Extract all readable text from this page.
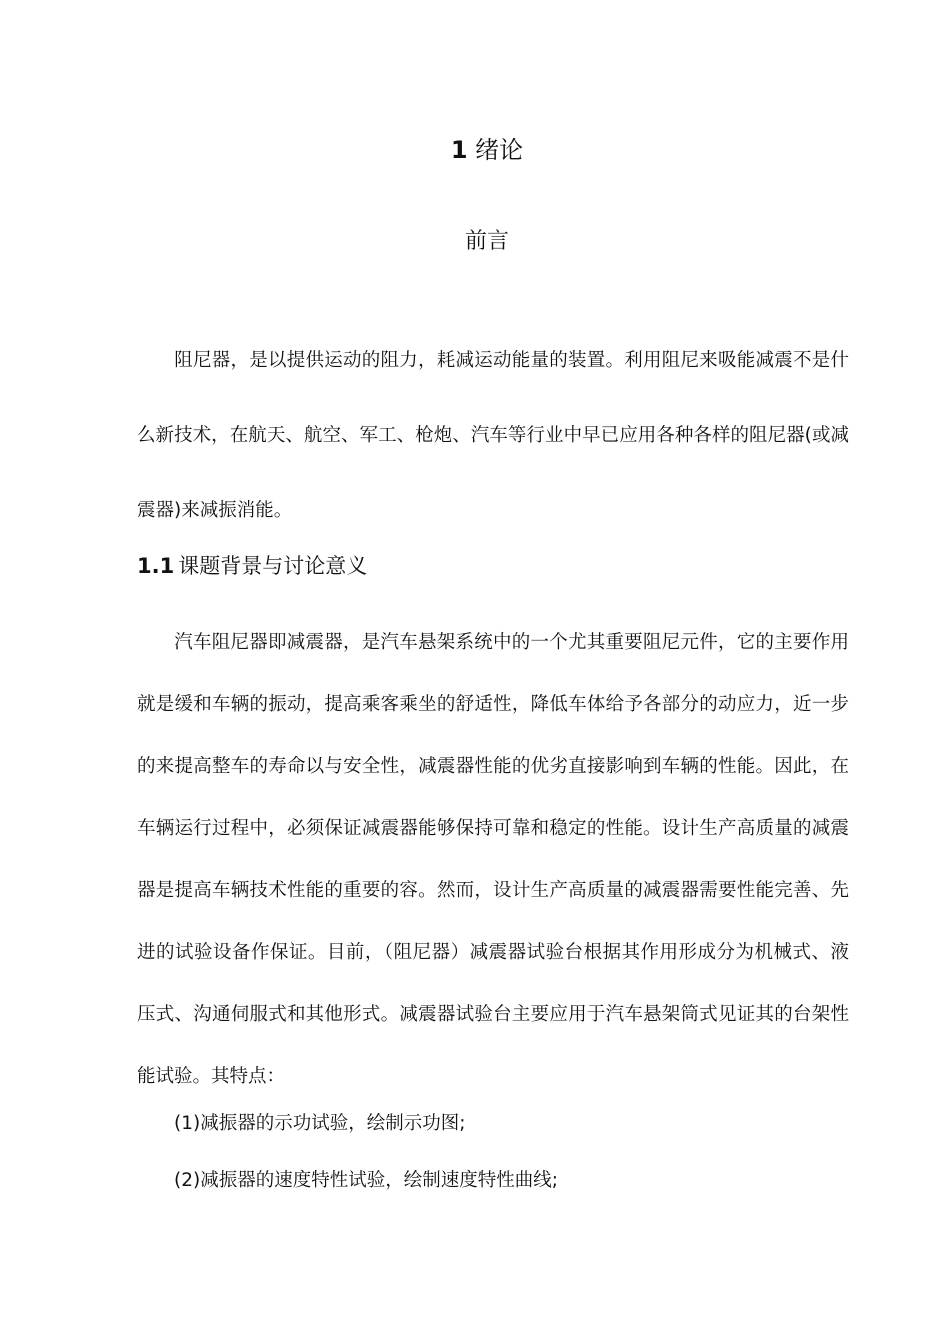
1 绪论
前言

阻尼器，是以提供运动的阻力，耗减运动能量的装置。利用阻尼来吸能减震不是什么新技术，在航天、航空、军工、枪炮、汽车等行业中早已应用各种各样的阻尼器(或减震器)来减振消能。

1.1 课题背景与讨论意义

汽车阻尼器即减震器，是汽车悬架系统中的一个尤其重要阻尼元件，它的主要作用就是缓和车辆的振动，提高乘客乘坐的舒适性，降低车体给予各部分的动应力，近一步的来提高整车的寿命以与安全性，减震器性能的优劣直接影响到车辆的性能。因此，在车辆运行过程中，必须保证减震器能够保持可靠和稳定的性能。设计生产高质量的减震器是提高车辆技术性能的重要的容。然而，设计生产高质量的减震器需要性能完善、先进的试验设备作保证。目前，（阻尼器）减震器试验台根据其作用形成分为机械式、液压式、沟通伺服式和其他形式。减震器试验台主要应用于汽车悬架筒式见证其的台架性能试验。其特点：

(1)减振器的示功试验，绘制示功图;

(2)减振器的速度特性试验，绘制速度特性曲线;
